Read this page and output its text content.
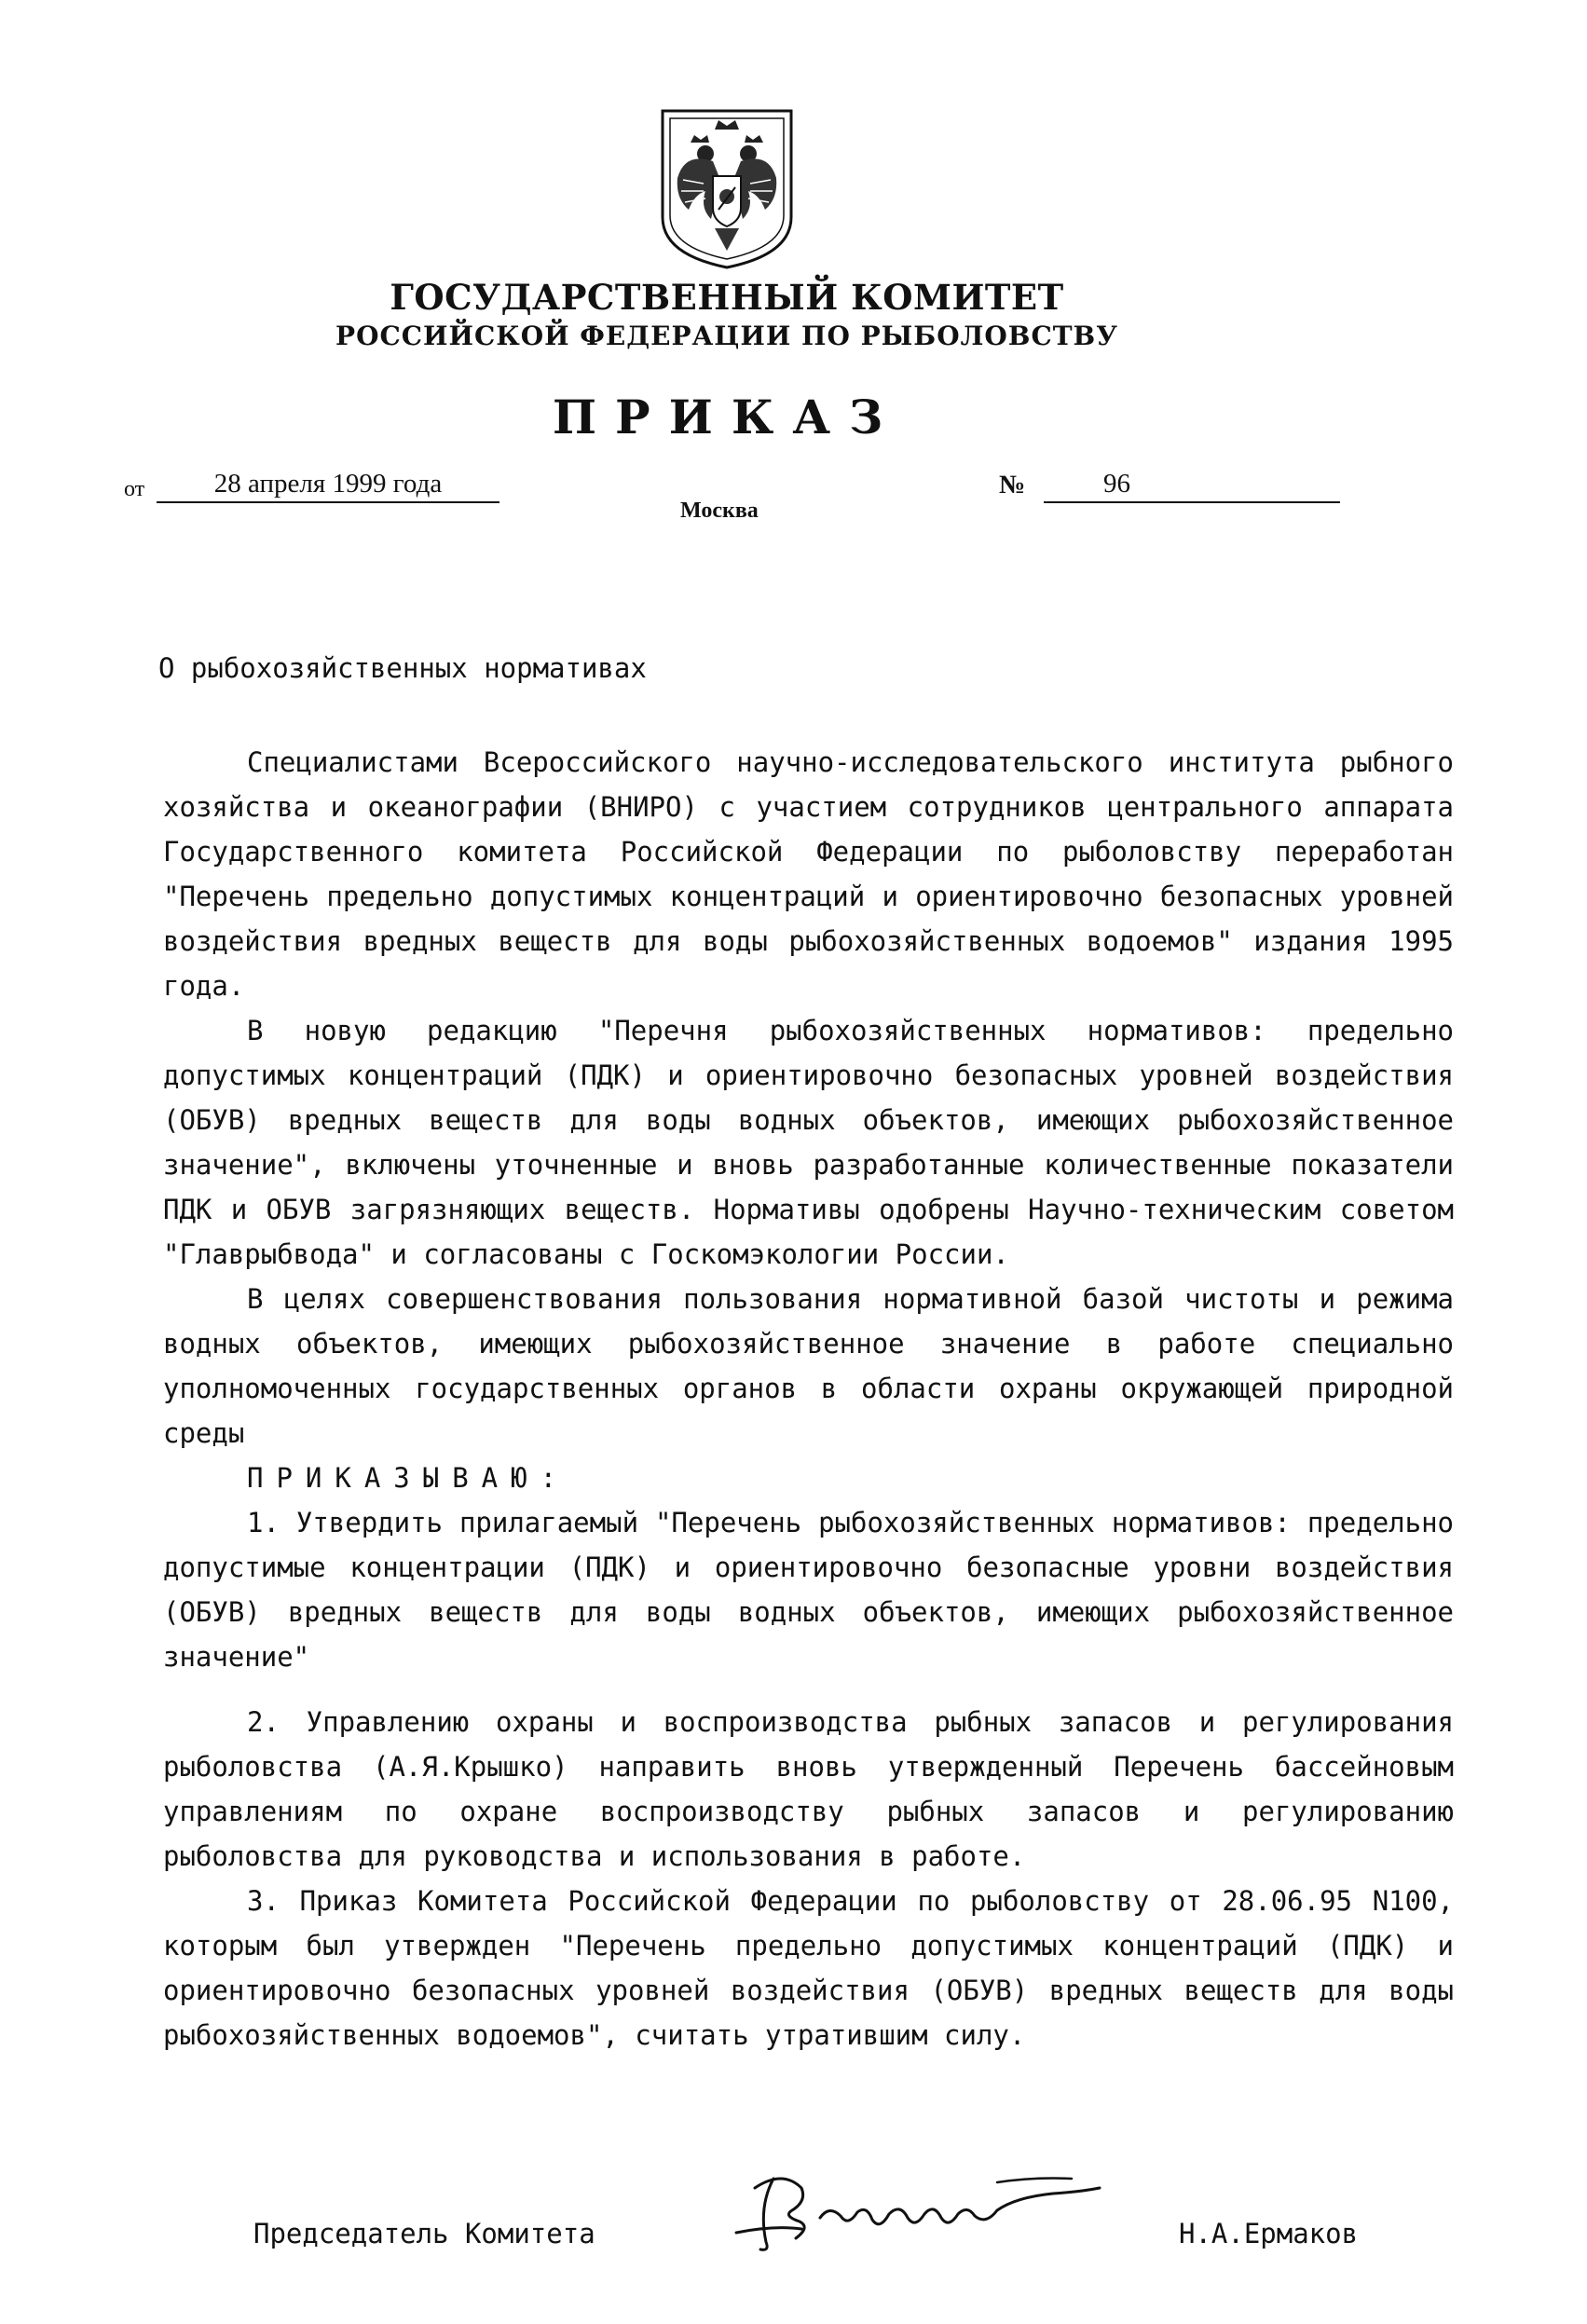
ГОСУДАРСТВЕННЫЙ КОМИТЕТ
РОССИЙСКОЙ ФЕДЕРАЦИИ ПО РЫБОЛОВСТВУ
ПРИКАЗ
от	28 апреля 1999 года
Москва
№	96
О рыбохозяйственных нормативах

Специалистами Всероссийского научно-исследовательского института рыбного хозяйства и океанографии (ВНИРО) с участием сотрудников центрального аппарата Государственного комитета Российской Федерации по рыболовству переработан "Перечень предельно допустимых концентраций и ориентировочно безопасных уровней воздействия вредных веществ для воды рыбохозяйственных водоемов" издания 1995 года.

В новую редакцию "Перечня рыбохозяйственных нормативов: предельно допустимых концентраций (ПДК) и ориентировочно безопасных уровней воздействия (ОБУВ) вредных веществ для воды водных объектов, имеющих рыбохозяйственное значение", включены уточненные и вновь разработанные количественные показатели ПДК и ОБУВ загрязняющих веществ. Нормативы одобрены Научно-техническим советом "Главрыбвода" и согласованы с Госкомэкологии России.

В целях совершенствования пользования нормативной базой чистоты и режима водных объектов, имеющих рыбохозяйственное значение в работе специально уполномоченных государственных органов в области охраны окружающей природной среды

ПРИКАЗЫВАЮ:

1. Утвердить прилагаемый "Перечень рыбохозяйственных нормативов: предельно допустимые концентрации (ПДК) и ориентировочно безопасные уровни воздействия (ОБУВ) вредных веществ для воды водных объектов, имеющих рыбохозяйственное значение"

2. Управлению охраны и воспроизводства рыбных запасов и регулирования рыболовства (А.Я.Крышко) направить вновь утвержденный Перечень бассейновым управлениям по охране воспроизводству рыбных запасов и регулированию рыболовства для руководства и использования в работе.

3. Приказ Комитета Российской Федерации по рыболовству от 28.06.95 N100, которым был утвержден "Перечень предельно допустимых концентраций (ПДК) и ориентировочно безопасных уровней воздействия (ОБУВ) вредных веществ для воды рыбохозяйственных водоемов", считать утратившим силу.

Председатель Комитета	Н.А.Ермаков
